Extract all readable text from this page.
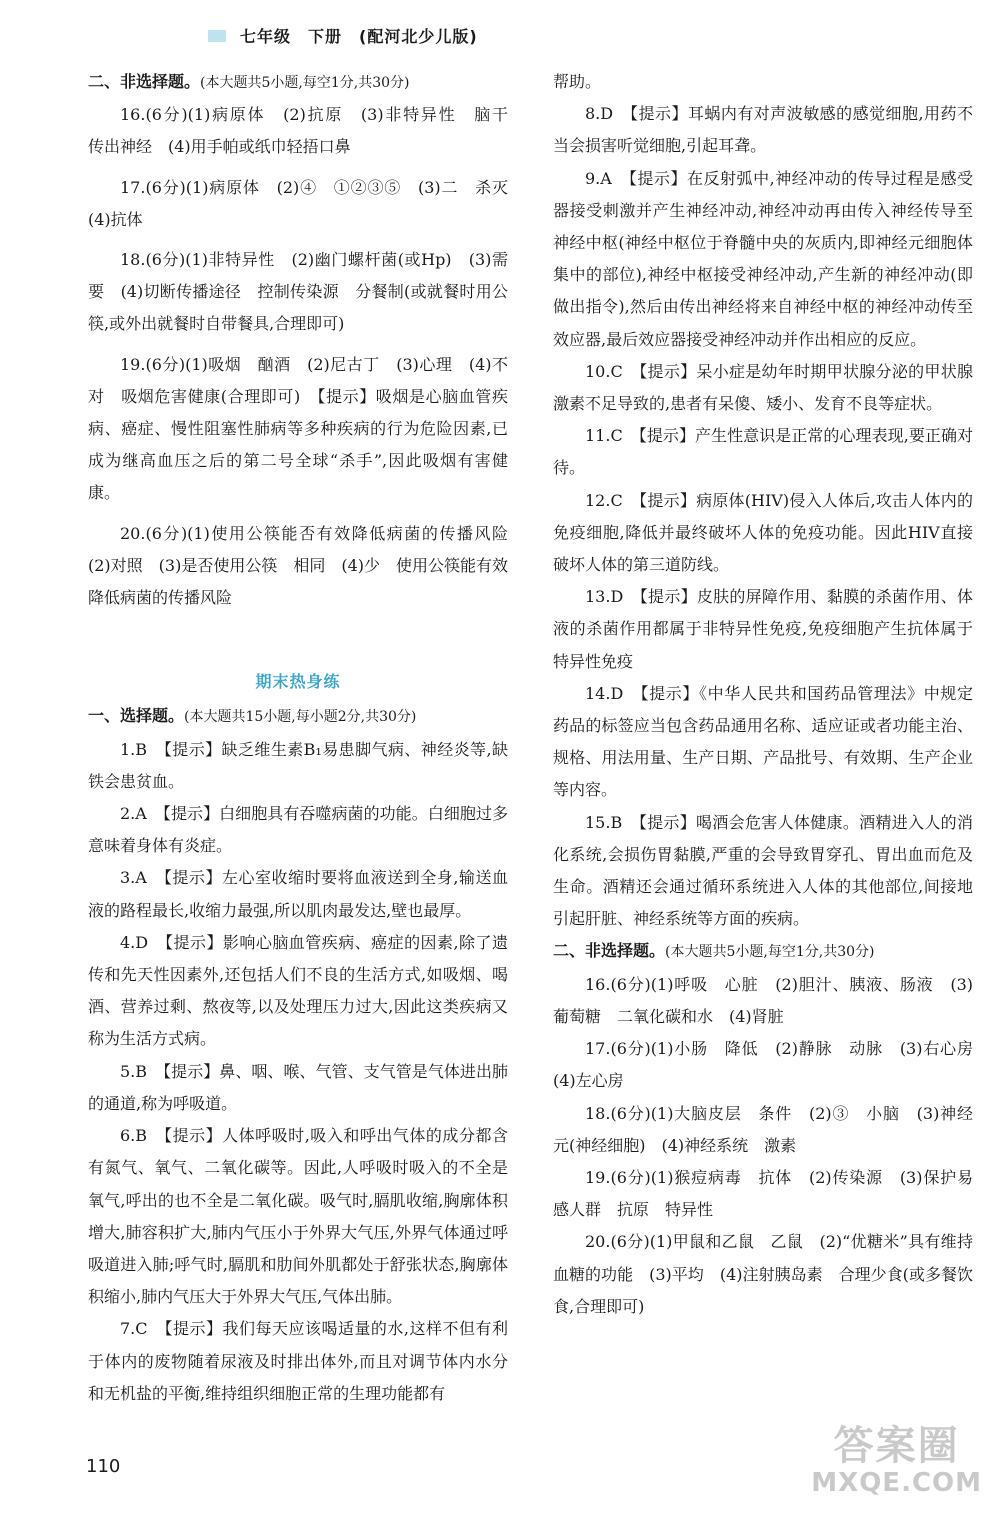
七年级　下册　(配河北少儿版)

二、非选择题。(本大题共5小题,每空1分,共30分)

16.(6分)(1)病原体　(2)抗原　(3)非特异性　脑干　传出神经　(4)用手帕或纸巾轻捂口鼻

17.(6分)(1)病原体　(2)④　①②③⑤　(3)二　杀灭　(4)抗体

18.(6分)(1)非特异性　(2)幽门螺杆菌(或Hp)　(3)需要　(4)切断传播途径　控制传染源　分餐制(或就餐时用公筷,或外出就餐时自带餐具,合理即可)

19.(6分)(1)吸烟　酗酒　(2)尼古丁　(3)心理　(4)不对　吸烟危害健康(合理即可)　【提示】吸烟是心脑血管疾病、癌症、慢性阻塞性肺病等多种疾病的行为危险因素,已成为继高血压之后的第二号全球“杀手”,因此吸烟有害健康。

20.(6分)(1)使用公筷能否有效降低病菌的传播风险　(2)对照　(3)是否使用公筷　相同　(4)少　使用公筷能有效降低病菌的传播风险

期末热身练

一、选择题。(本大题共15小题,每小题2分,共30分)

1.B　【提示】缺乏维生素B₁易患脚气病、神经炎等,缺铁会患贫血。

2.A　【提示】白细胞具有吞噬病菌的功能。白细胞过多意味着身体有炎症。

3.A　【提示】左心室收缩时要将血液送到全身,输送血液的路程最长,收缩力最强,所以肌肉最发达,壁也最厚。

4.D　【提示】影响心脑血管疾病、癌症的因素,除了遗传和先天性因素外,还包括人们不良的生活方式,如吸烟、喝酒、营养过剩、熬夜等,以及处理压力过大,因此这类疾病又称为生活方式病。

5.B　【提示】鼻、咽、喉、气管、支气管是气体进出肺的通道,称为呼吸道。

6.B　【提示】人体呼吸时,吸入和呼出气体的成分都含有氮气、氧气、二氧化碳等。因此,人呼吸时吸入的不全是氧气,呼出的也不全是二氧化碳。吸气时,膈肌收缩,胸廓体积增大,肺容积扩大,肺内气压小于外界大气压,外界气体通过呼吸道进入肺;呼气时,膈肌和肋间外肌都处于舒张状态,胸廓体积缩小,肺内气压大于外界大气压,气体出肺。

7.C　【提示】我们每天应该喝适量的水,这样不但有利于体内的废物随着尿液及时排出体外,而且对调节体内水分和无机盐的平衡,维持组织细胞正常的生理功能都有

帮助。

8.D　【提示】耳蜗内有对声波敏感的感觉细胞,用药不当会损害听觉细胞,引起耳聋。

9.A　【提示】在反射弧中,神经冲动的传导过程是感受器接受刺激并产生神经冲动,神经冲动再由传入神经传导至神经中枢(神经中枢位于脊髓中央的灰质内,即神经元细胞体集中的部位),神经中枢接受神经冲动,产生新的神经冲动(即做出指令),然后由传出神经将来自神经中枢的神经冲动传至效应器,最后效应器接受神经冲动并作出相应的反应。

10.C　【提示】呆小症是幼年时期甲状腺分泌的甲状腺激素不足导致的,患者有呆傻、矮小、发育不良等症状。

11.C　【提示】产生性意识是正常的心理表现,要正确对待。

12.C　【提示】病原体(HIV)侵入人体后,攻击人体内的免疫细胞,降低并最终破坏人体的免疫功能。因此HIV直接破坏人体的第三道防线。

13.D　【提示】皮肤的屏障作用、黏膜的杀菌作用、体液的杀菌作用都属于非特异性免疫,免疫细胞产生抗体属于特异性免疫

14.D　【提示】《中华人民共和国药品管理法》中规定药品的标签应当包含药品通用名称、适应证或者功能主治、规格、用法用量、生产日期、产品批号、有效期、生产企业等内容。

15.B　【提示】喝酒会危害人体健康。酒精进入人的消化系统,会损伤胃黏膜,严重的会导致胃穿孔、胃出血而危及生命。酒精还会通过循环系统进入人体的其他部位,间接地引起肝脏、神经系统等方面的疾病。

二、非选择题。(本大题共5小题,每空1分,共30分)

16.(6分)(1)呼吸　心脏　(2)胆汁、胰液、肠液　(3)葡萄糖　二氧化碳和水　(4)肾脏

17.(6分)(1)小肠　降低　(2)静脉　动脉　(3)右心房　(4)左心房

18.(6分)(1)大脑皮层　条件　(2)③　小脑　(3)神经元(神经细胞)　(4)神经系统　激素

19.(6分)(1)猴痘病毒　抗体　(2)传染源　(3)保护易感人群　抗原　特异性

20.(6分)(1)甲鼠和乙鼠　乙鼠　(2)“优糖米”具有维持血糖的功能　(3)平均　(4)注射胰岛素　合理少食(或多餐饮食,合理即可)

110	答案圈
MXQE.COM
